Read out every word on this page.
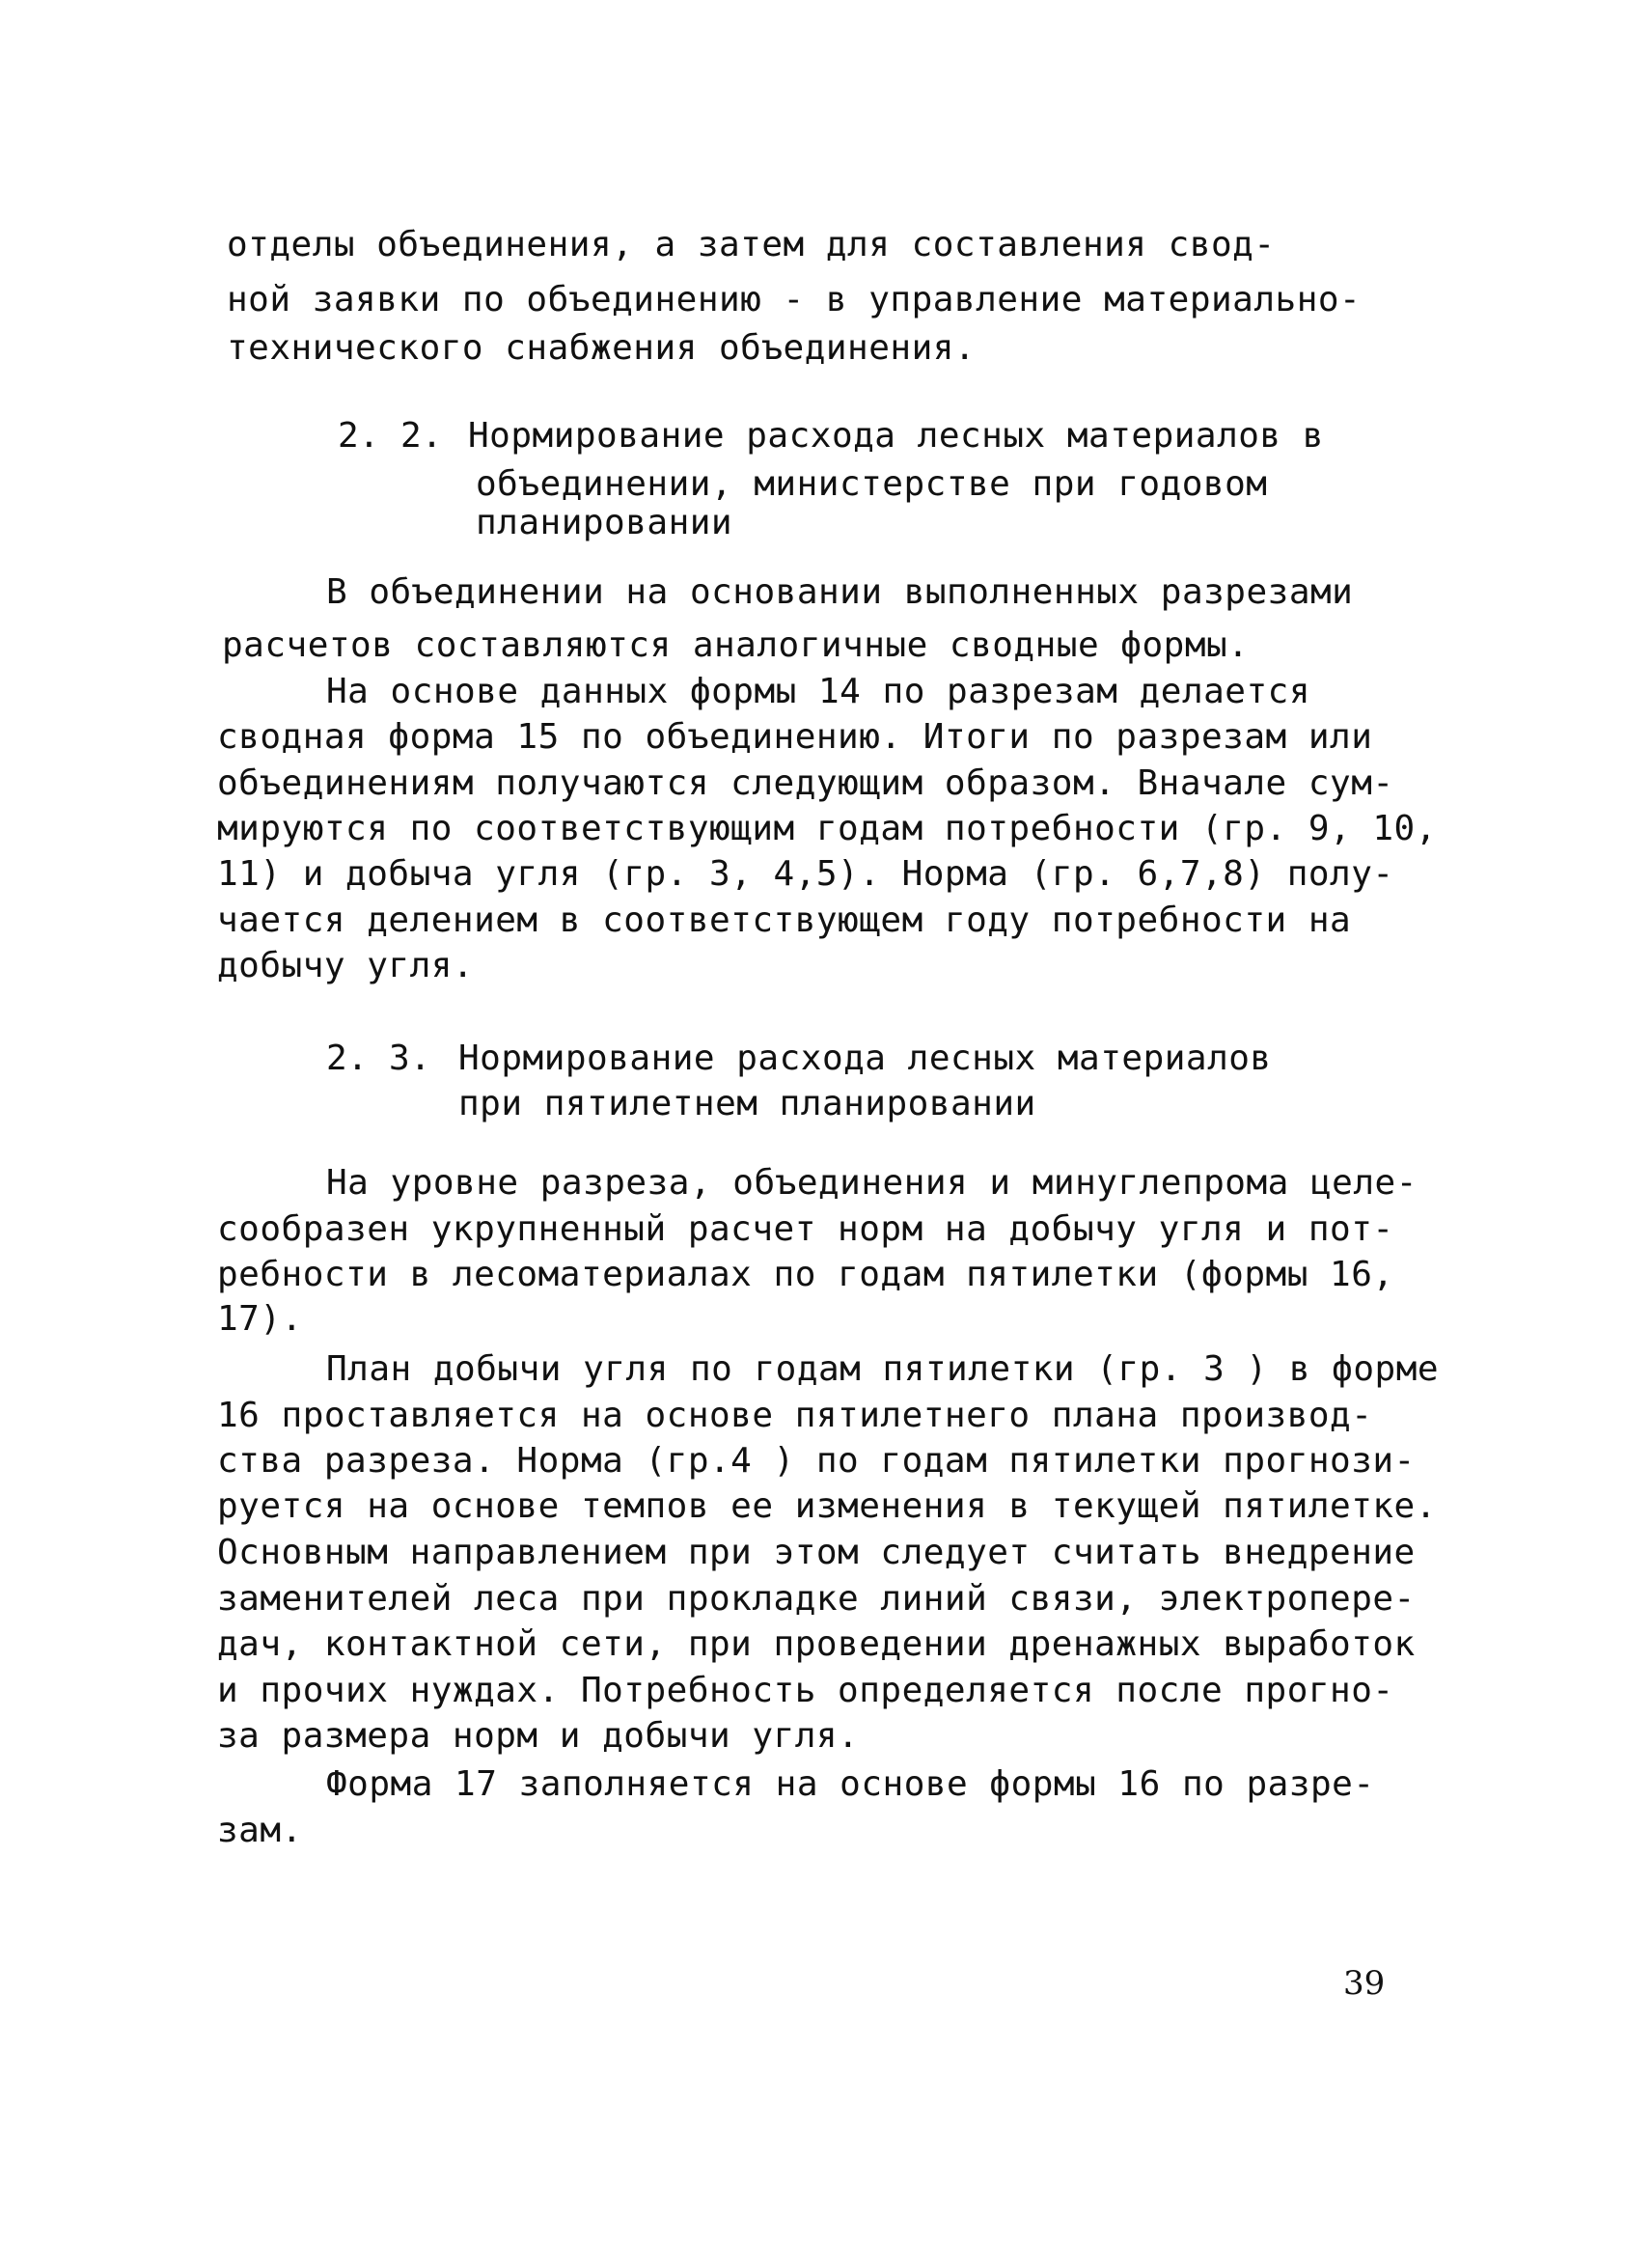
отделы объединения, а затем для составления свод-
ной заявки по объединению - в управление материально-
технического снабжения объединения.
2. 2. Нормирование расхода лесных материалов в
объединении, министерстве при годовом
планировании
В объединении на основании выполненных разрезами
расчетов составляются аналогичные сводные формы.
На основе данных формы 14 по разрезам делается
сводная форма 15 по объединению. Итоги по разрезам или
объединениям получаются следующим образом. Вначале сум-
мируются по соответствующим годам потребности (гр. 9, 10,
11) и добыча угля (гр. 3, 4,5). Норма (гр. 6,7,8) полу-
чается делением в соответствующем году потребности на
добычу угля.
2. 3. Нормирование расхода лесных материалов
при пятилетнем планировании
На уровне разреза, объединения и минуглепрома целе-
сообразен укрупненный расчет норм на добычу угля и пот-
ребности в лесоматериалах по годам пятилетки (формы 16,
17).
План добычи угля по годам пятилетки (гр. 3 ) в форме
16 проставляется на основе пятилетнего плана производ-
ства разреза. Норма (гр.4 ) по годам пятилетки прогнози-
руется на основе темпов ее изменения в текущей пятилетке.
Основным направлением при этом следует считать внедрение
заменителей леса при прокладке линий связи, электропере-
дач, контактной сети, при проведении дренажных выработок
и прочих нуждах. Потребность определяется после прогно-
за размера норм и добычи угля.
Форма 17 заполняется на основе формы 16 по разре-
зам.
39
